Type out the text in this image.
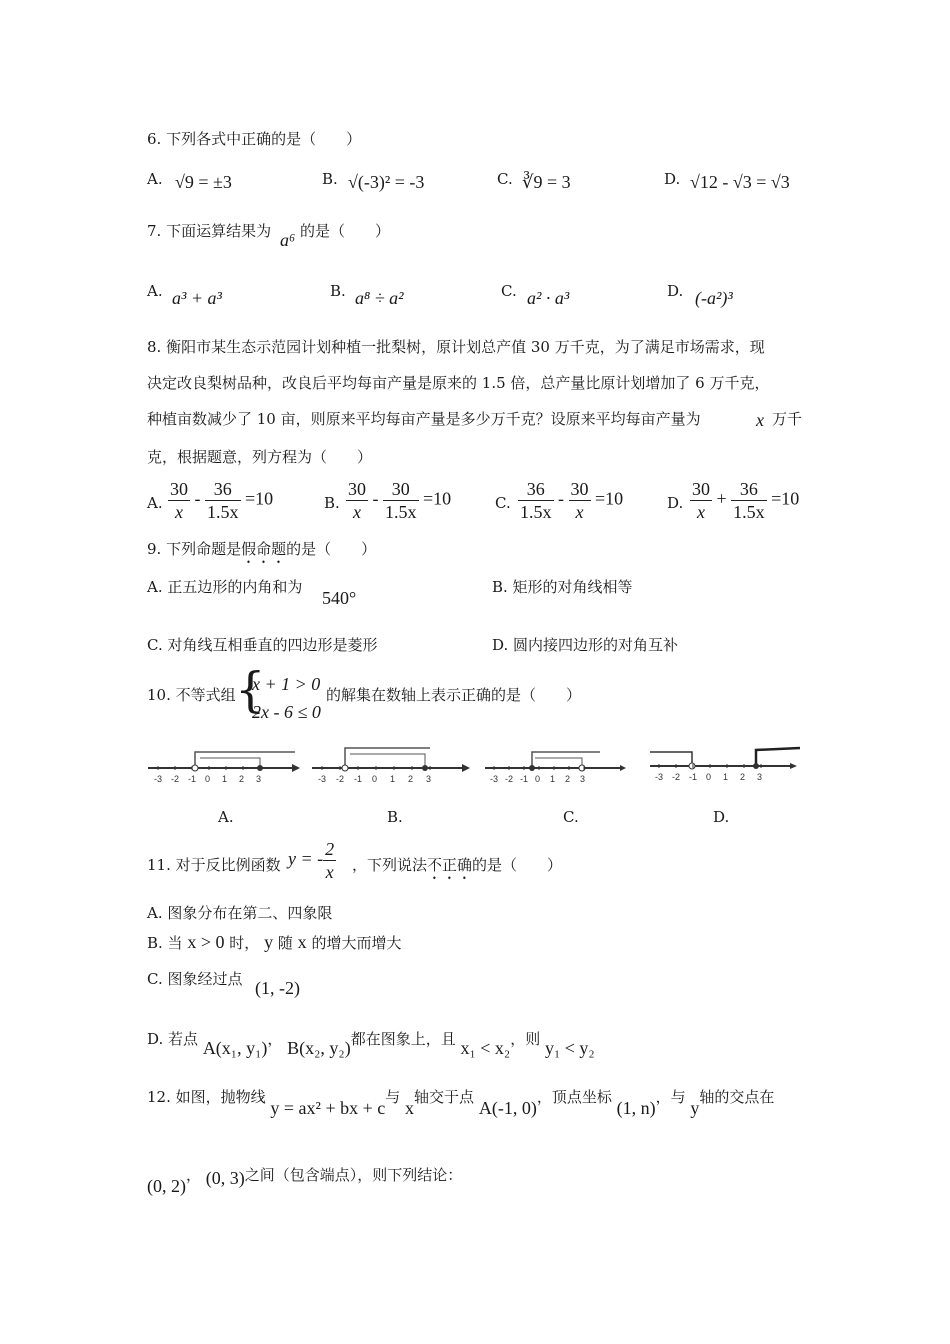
6. 下列各式中正确的是（　　）
A. √9 = ±3	B. √(-3)² = -3	C. ∛9 = 3	D. √12 - √3 = √3
7. 下面运算结果为 a⁶ 的是（　　）
A. a³ + a³	B. a⁸ ÷ a²	C. a² · a³	D. (-a²)³
8. 衡阳市某生态示范园计划种植一批梨树，原计划总产值 30 万千克，为了满足市场需求，现
决定改良梨树品种，改良后平均每亩产量是原来的 1.5 倍，总产量比原计划增加了 6 万千克，
种植亩数减少了 10 亩，则原来平均每亩产量是多少万千克？设原来平均每亩产量为	x 万千
克，根据题意，列方程为（　　）
A. $\frac{30}{x} - \frac{36}{1.5x} =10$	B. $\frac{30}{x} - \frac{30}{1.5x} =10$	C. $\frac{36}{1.5x} - \frac{30}{x} =10$	D. $\frac{30}{x} + \frac{36}{1.5x} =10$
9. 下列命题是假命题的是（　　）
A. 正五边形的内角和为
540°
B. 矩形的对角线相等
C. 对角线互相垂直的四边形是菱形	D. 圆内接四边形的对角互补
10. 不等式组 {
x + 1 > 0
2x - 6 ≤ 0
的解集在数轴上表示正确的是（　　）
-3 -2 -1 0 1 2 3	-3 -2 -1 0 1 2 3	-3 -2 -1 0 1 2 3	-3 -2 -1 0 1 2 3
A.	B.	C.	D.
11. 对于反比例函数 y = - $\frac{2}{x}$ ，下列说法不正确的是（　　）
A. 图象分布在第二、四象限
B. 当 x > 0 时， y 随 x 的增大而增大
C. 图象经过点 (1, -2)
D. 若点 A(x₁, y₁)， B(x₂, y₂)都在图象上，且 x₁ < x₂，则 y₁ < y₂
12. 如图，抛物线 y = ax² + bx + c与 x轴交于点 A(-1, 0)，顶点坐标 (1, n)，与 y轴的交点在
(0, 2)， (0, 3)之间（包含端点），则下列结论：
